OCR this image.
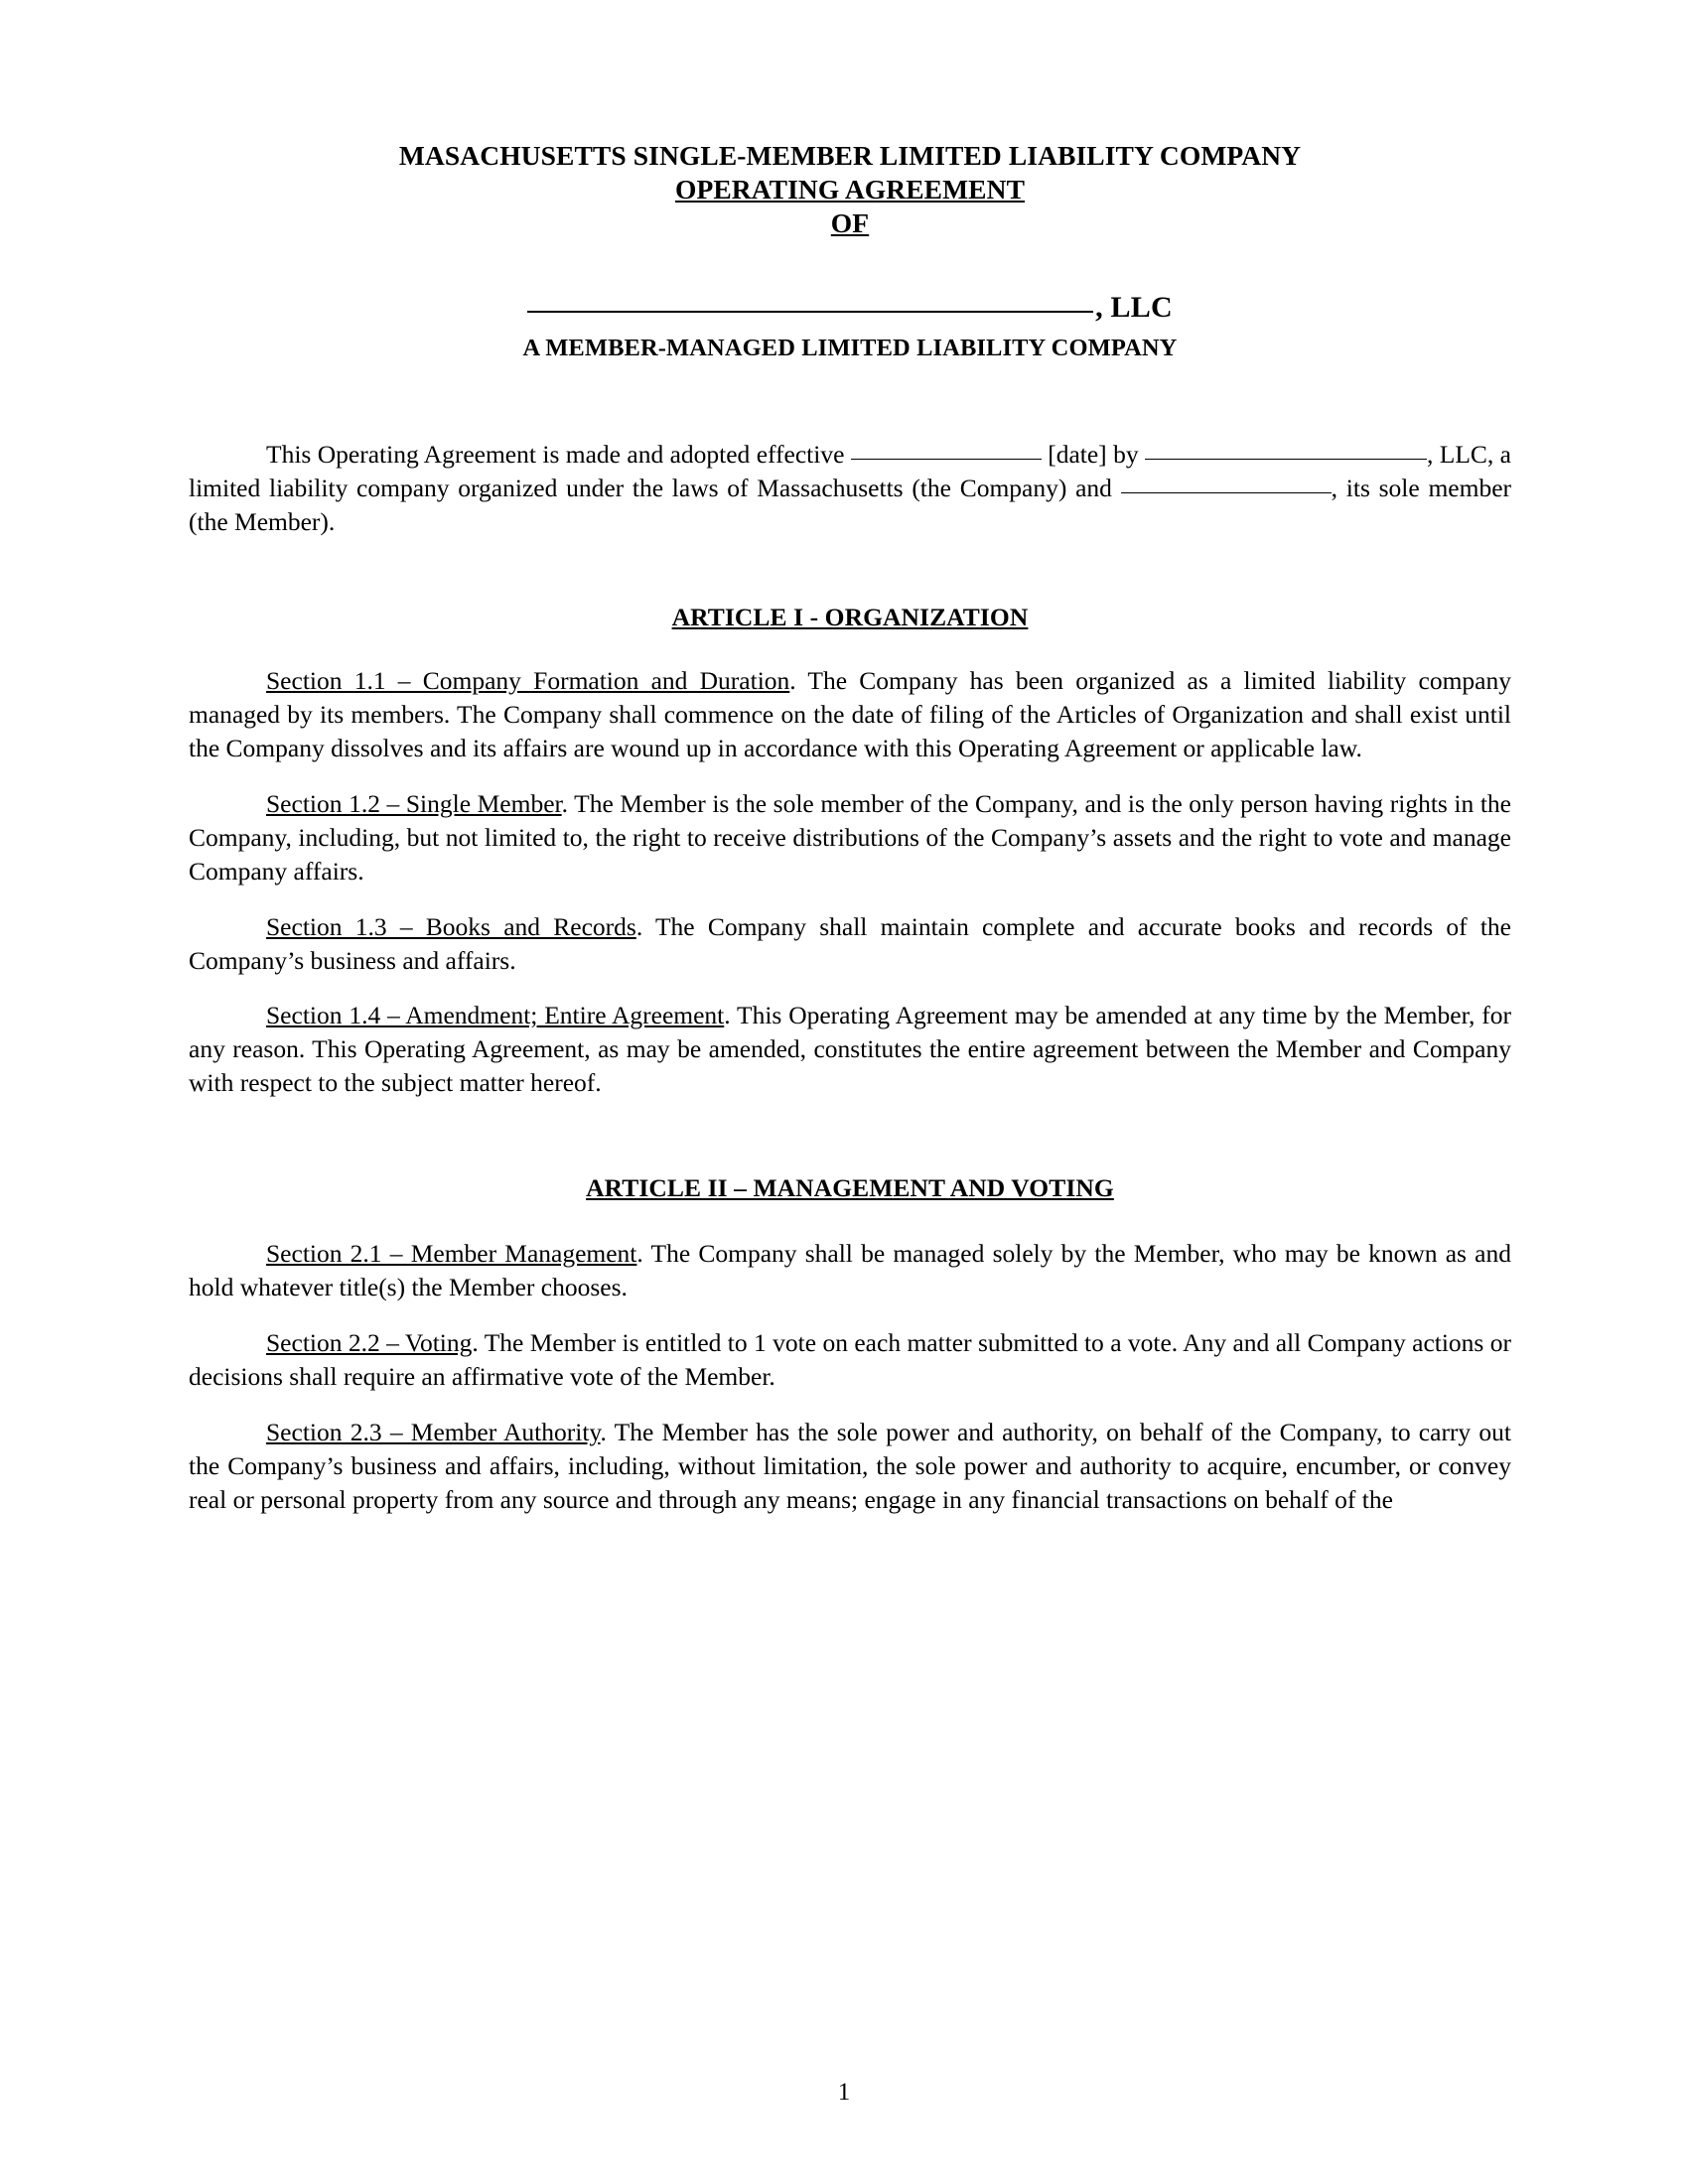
MASACHUSETTS SINGLE-MEMBER LIMITED LIABILITY COMPANY
OPERATING AGREEMENT
OF
, LLC
A MEMBER-MANAGED LIMITED LIABILITY COMPANY
This Operating Agreement is made and adopted effective	[date] by	, LLC, a limited liability company organized under the laws of Massachusetts (the Company) and	, its sole member (the Member).
ARTICLE I - ORGANIZATION

Section 1.1 – Company Formation and Duration. The Company has been organized as a limited liability company managed by its members. The Company shall commence on the date of filing of the Articles of Organization and shall exist until the Company dissolves and its affairs are wound up in accordance with this Operating Agreement or applicable law.

Section 1.2 – Single Member. The Member is the sole member of the Company, and is the only person having rights in the Company, including, but not limited to, the right to receive distributions of the Company’s assets and the right to vote and manage Company affairs.

Section 1.3 – Books and Records. The Company shall maintain complete and accurate books and records of the Company’s business and affairs.

Section 1.4 – Amendment; Entire Agreement. This Operating Agreement may be amended at any time by the Member, for any reason. This Operating Agreement, as may be amended, constitutes the entire agreement between the Member and Company with respect to the subject matter hereof.

ARTICLE II – MANAGEMENT AND VOTING

Section 2.1 – Member Management. The Company shall be managed solely by the Member, who may be known as and hold whatever title(s) the Member chooses.

Section 2.2 – Voting. The Member is entitled to 1 vote on each matter submitted to a vote. Any and all Company actions or decisions shall require an affirmative vote of the Member.

Section 2.3 – Member Authority. The Member has the sole power and authority, on behalf of the Company, to carry out the Company’s business and affairs, including, without limitation, the sole power and authority to acquire, encumber, or convey real or personal property from any source and through any means; engage in any financial transactions on behalf of the

1
